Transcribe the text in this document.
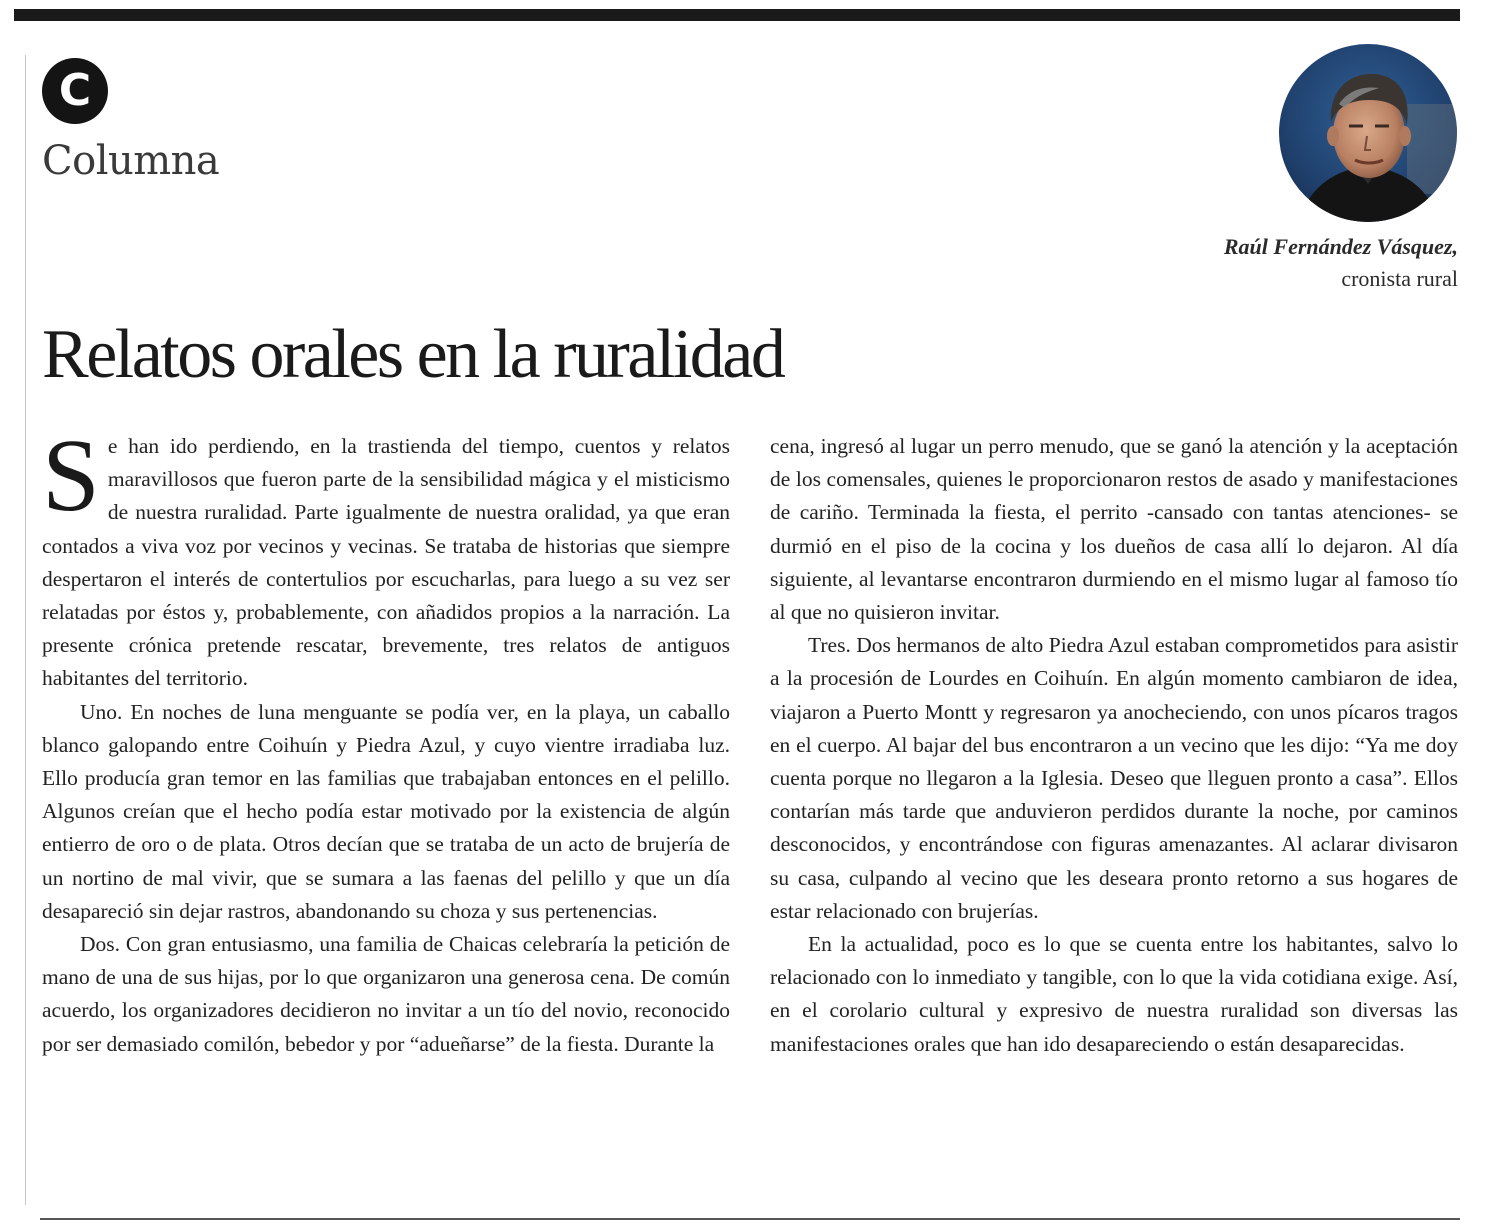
C
Columna
Raúl Fernández Vásquez,
cronista rural
Relatos orales en la ruralidad

Se han ido perdiendo, en la trastienda del tiempo, cuentos y relatos maravillosos que fueron parte de la sensibilidad mágica y el misticismo de nuestra ruralidad. Parte igualmente de nuestra oralidad, ya que eran contados a viva voz por vecinos y vecinas. Se trataba de historias que siempre despertaron el interés de contertulios por escucharlas, para luego a su vez ser relatadas por éstos y, probablemente, con añadidos propios a la narración. La presente crónica pretende rescatar, brevemente, tres relatos de antiguos habitantes del territorio.

Uno. En noches de luna menguante se podía ver, en la playa, un caballo blanco galopando entre Coihuín y Piedra Azul, y cuyo vientre irradiaba luz. Ello producía gran temor en las familias que trabajaban entonces en el pelillo. Algunos creían que el hecho podía estar motivado por la existencia de algún entierro de oro o de plata. Otros decían que se trataba de un acto de brujería de un nortino de mal vivir, que se sumara a las faenas del pelillo y que un día desapareció sin dejar rastros, abandonando su choza y sus pertenencias.

Dos. Con gran entusiasmo, una familia de Chaicas celebraría la petición de mano de una de sus hijas, por lo que organizaron una generosa cena. De común acuerdo, los organizadores decidieron no invitar a un tío del novio, reconocido por ser demasiado comilón, bebedor y por “adueñarse” de la fiesta. Durante la

cena, ingresó al lugar un perro menudo, que se ganó la atención y la aceptación de los comensales, quienes le proporcionaron restos de asado y manifestaciones de cariño. Terminada la fiesta, el perrito -cansado con tantas atenciones- se durmió en el piso de la cocina y los dueños de casa allí lo dejaron. Al día siguiente, al levantarse encontraron durmiendo en el mismo lugar al famoso tío al que no quisieron invitar.

Tres. Dos hermanos de alto Piedra Azul estaban comprometidos para asistir a la procesión de Lourdes en Coihuín. En algún momento cambiaron de idea, viajaron a Puerto Montt y regresaron ya anocheciendo, con unos pícaros tragos en el cuerpo. Al bajar del bus encontraron a un vecino que les dijo: “Ya me doy cuenta porque no llegaron a la Iglesia. Deseo que lleguen pronto a casa”. Ellos contarían más tarde que anduvieron perdidos durante la noche, por caminos desconocidos, y encontrándose con figuras amenazantes. Al aclarar divisaron su casa, culpando al vecino que les deseara pronto retorno a sus hogares de estar relacionado con brujerías.

En la actualidad, poco es lo que se cuenta entre los habitantes, salvo lo relacionado con lo inmediato y tangible, con lo que la vida cotidiana exige. Así, en el corolario cultural y expresivo de nuestra ruralidad son diversas las manifestaciones orales que han ido desapareciendo o están desaparecidas.
